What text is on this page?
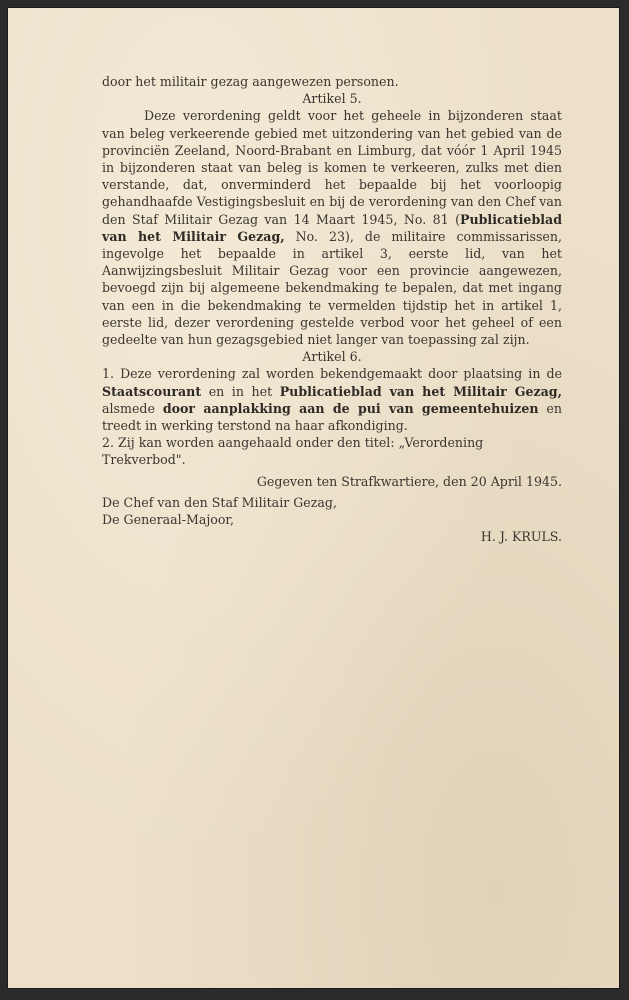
door het militair gezag aangewezen personen.

Artikel 5.

Deze verordening geldt voor het geheele in bijzonderen staat van beleg verkeerende gebied met uitzondering van het gebied van de provinciën Zeeland, Noord-Brabant en Limburg, dat vóór 1 April 1945 in bijzonderen staat van beleg is komen te verkeeren, zulks met dien verstande, dat, onverminderd het bepaalde bij het voorloopig gehandhaafde Vestigingsbesluit en bij de verordening van den Chef van den Staf Militair Gezag van 14 Maart 1945, No. 81 (Publicatieblad van het Militair Gezag, No. 23), de militaire commissarissen, ingevolge het bepaalde in artikel 3, eerste lid, van het Aanwijzingsbesluit Militair Gezag voor een provincie aangewezen, bevoegd zijn bij algemeene bekendmaking te bepalen, dat met ingang van een in die bekendmaking te vermelden tijdstip het in artikel 1, eerste lid, dezer verordening gestelde verbod voor het geheel of een gedeelte van hun gezagsgebied niet langer van toepassing zal zijn.

Artikel 6.

1. Deze verordening zal worden bekendgemaakt door plaatsing in de Staatscourant en in het Publicatieblad van het Militair Gezag, alsmede door aanplakking aan de pui van gemeentehuizen en treedt in werking terstond na haar afkondiging.

2. Zij kan worden aangehaald onder den titel: „Verordening Trekverbod".

Gegeven ten Strafkwartiere, den 20 April 1945.

De Chef van den Staf Militair Gezag,

De Generaal-Majoor,

H. J. KRULS.
